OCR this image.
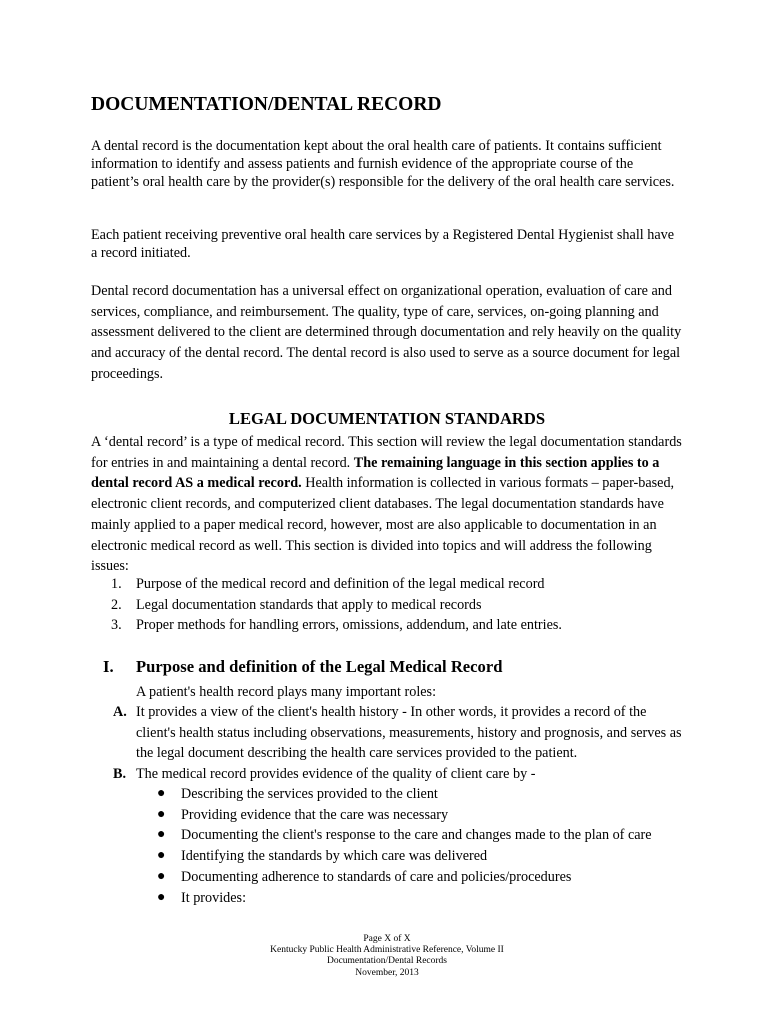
DOCUMENTATION/DENTAL RECORD

A dental record is the documentation kept about the oral health care of patients. It contains sufficient information to identify and assess patients and furnish evidence of the appropriate course of the patient’s oral health care by the provider(s) responsible for the delivery of the oral health care services.

Each patient receiving preventive oral health care services by a Registered Dental Hygienist shall have a record initiated.

Dental record documentation has a universal effect on organizational operation, evaluation of care and services, compliance, and reimbursement. The quality, type of care, services, on-going planning and assessment delivered to the client are determined through documentation and rely heavily on the quality and accuracy of the dental record. The dental record is also used to serve as a source document for legal proceedings.

LEGAL DOCUMENTATION STANDARDS

A ‘dental record’ is a type of medical record. This section will review the legal documentation standards for entries in and maintaining a dental record. The remaining language in this section applies to a dental record AS a medical record. Health information is collected in various formats – paper-based, electronic client records, and computerized client databases. The legal documentation standards have mainly applied to a paper medical record, however, most are also applicable to documentation in an electronic medical record as well. This section is divided into topics and will address the following issues:

1. Purpose of the medical record and definition of the legal medical record
2. Legal documentation standards that apply to medical records
3. Proper methods for handling errors, omissions, addendum, and late entries.
I. Purpose and definition of the Legal Medical Record

A patient's health record plays many important roles:

A. It provides a view of the client's health history - In other words, it provides a record of the client's health status including observations, measurements, history and prognosis, and serves as the legal document describing the health care services provided to the patient.
B. The medical record provides evidence of the quality of client care by -
● Describing the services provided to the client
● Providing evidence that the care was necessary
● Documenting the client's response to the care and changes made to the plan of care
● Identifying the standards by which care was delivered
● Documenting adherence to standards of care and policies/procedures
● It provides:
Page X of X
Kentucky Public Health Administrative Reference, Volume II
Documentation/Dental Records
November, 2013
